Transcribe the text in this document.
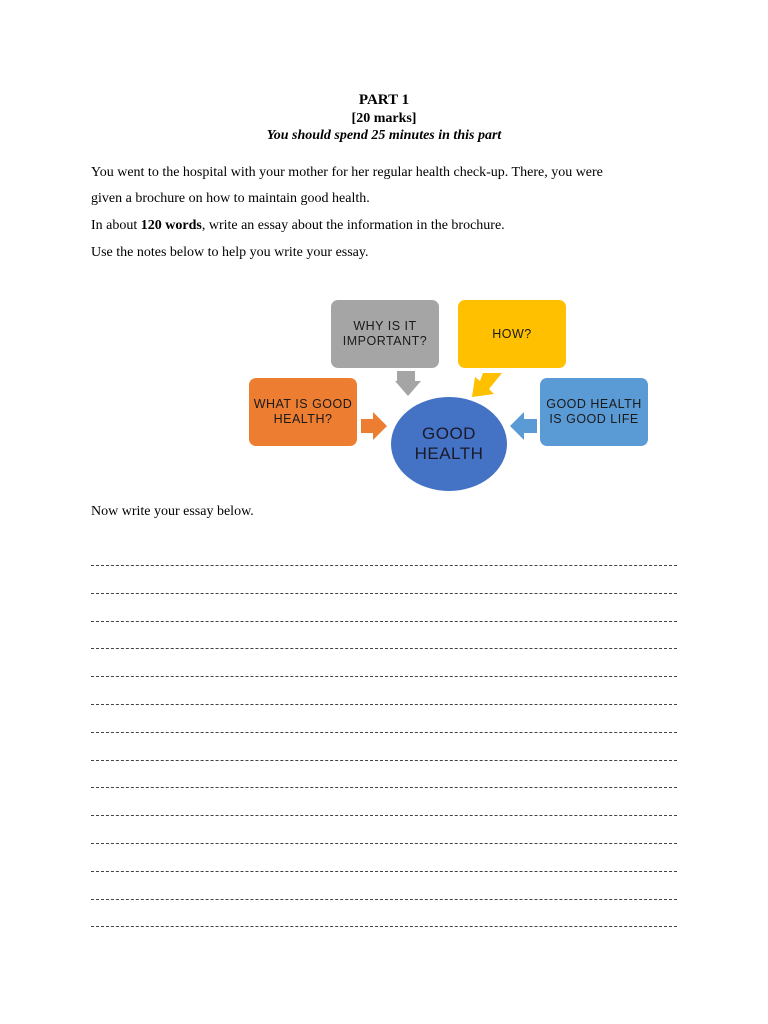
PART 1
[20 marks]
You should spend 25 minutes in this part
You went to the hospital with your mother for her regular health check-up. There, you were
given a brochure on how to maintain good health.
In about 120 words, write an essay about the information in the brochure.
Use the notes below to help you write your essay.
WHY IS IT IMPORTANT?
HOW?
WHAT IS GOOD HEALTH?
GOOD HEALTH IS GOOD LIFE
GOOD HEALTH
Now write your essay below.
